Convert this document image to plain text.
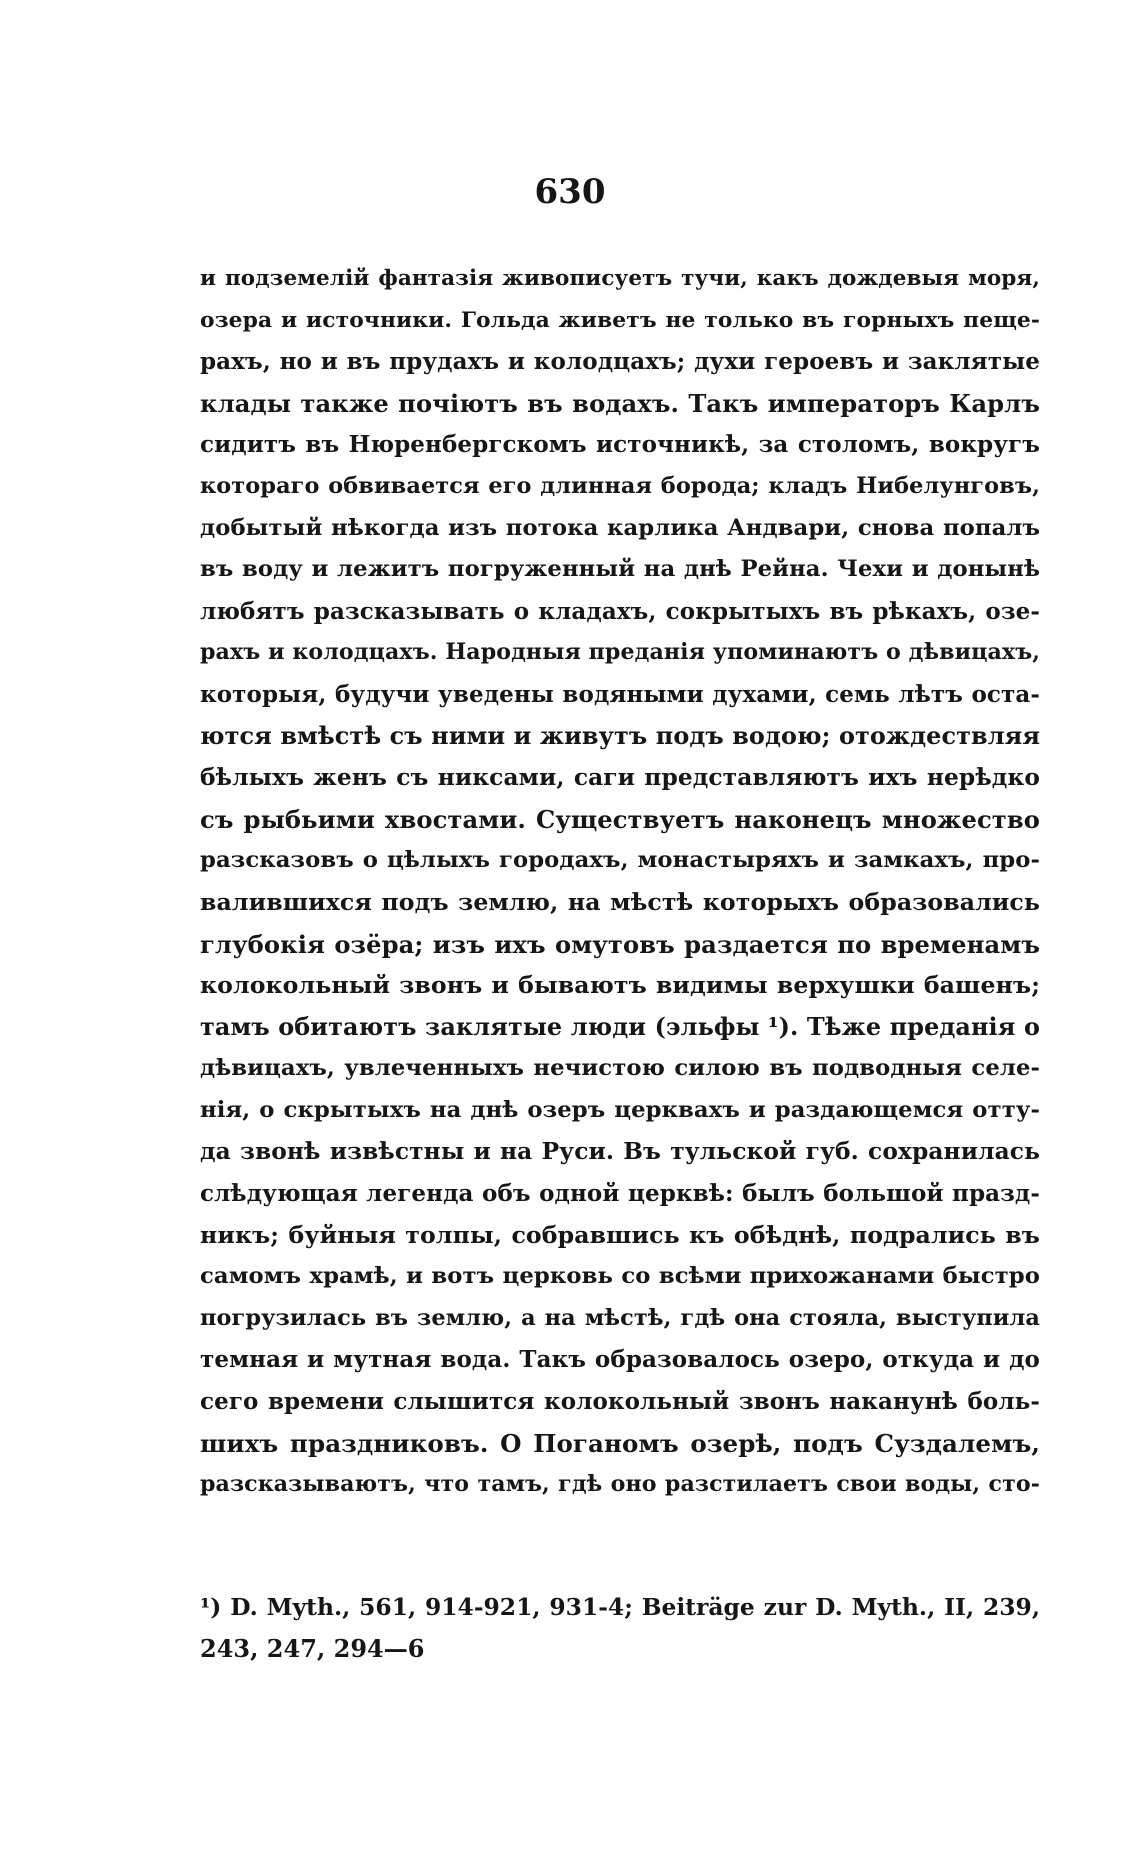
630
и подземелій фантазія живописуетъ тучи, какъ дождевыя моря,
озера и источники. Гольда живетъ не только въ горныхъ пеще-
рахъ, но и въ прудахъ и колодцахъ; духи героевъ и заклятые
клады также почіютъ въ водахъ. Такъ императоръ Карлъ
сидитъ въ Нюренбергскомъ источникѣ, за столомъ, вокругъ
котораго обвивается его длинная борода; кладъ Нибелунговъ,
добытый нѣкогда изъ потока карлика Андвари, снова попалъ
въ воду и лежитъ погруженный на днѣ Рейна. Чехи и донынѣ
любятъ разсказывать о кладахъ, сокрытыхъ въ рѣкахъ, озе-
рахъ и колодцахъ. Народныя преданія упоминаютъ о дѣвицахъ,
которыя, будучи уведены водяными духами, семь лѣтъ оста-
ются вмѣстѣ съ ними и живутъ подъ водою; отождествляя
бѣлыхъ женъ съ никсами, саги представляютъ ихъ нерѣдко
съ рыбьими хвостами. Существуетъ наконецъ множество
разсказовъ о цѣлыхъ городахъ, монастыряхъ и замкахъ, про-
валившихся подъ землю, на мѣстѣ которыхъ образовались
глубокія озёра; изъ ихъ омутовъ раздается по временамъ
колокольный звонъ и бываютъ видимы верхушки башенъ;
тамъ обитаютъ заклятые люди (эльфы ¹). Тѣже преданія о
дѣвицахъ, увлеченныхъ нечистою силою въ подводныя селе-
нія, о скрытыхъ на днѣ озеръ церквахъ и раздающемся отту-
да звонѣ извѣстны и на Руси. Въ тульской губ. сохранилась
слѣдующая легенда объ одной церквѣ: былъ большой празд-
никъ; буйныя толпы, собравшись къ обѣднѣ, подрались въ
самомъ храмѣ, и вотъ церковь со всѣми прихожанами быстро
погрузилась въ землю, а на мѣстѣ, гдѣ она стояла, выступила
темная и мутная вода. Такъ образовалось озеро, откуда и до
сего времени слышится колокольный звонъ наканунѣ боль-
шихъ праздниковъ. О Поганомъ озерѣ, подъ Суздалемъ,
разсказываютъ, что тамъ, гдѣ оно разстилаетъ свои воды, сто-
¹) D. Myth., 561, 914-921, 931-4; Beiträge zur D. Myth., II, 239,
243, 247, 294—6
